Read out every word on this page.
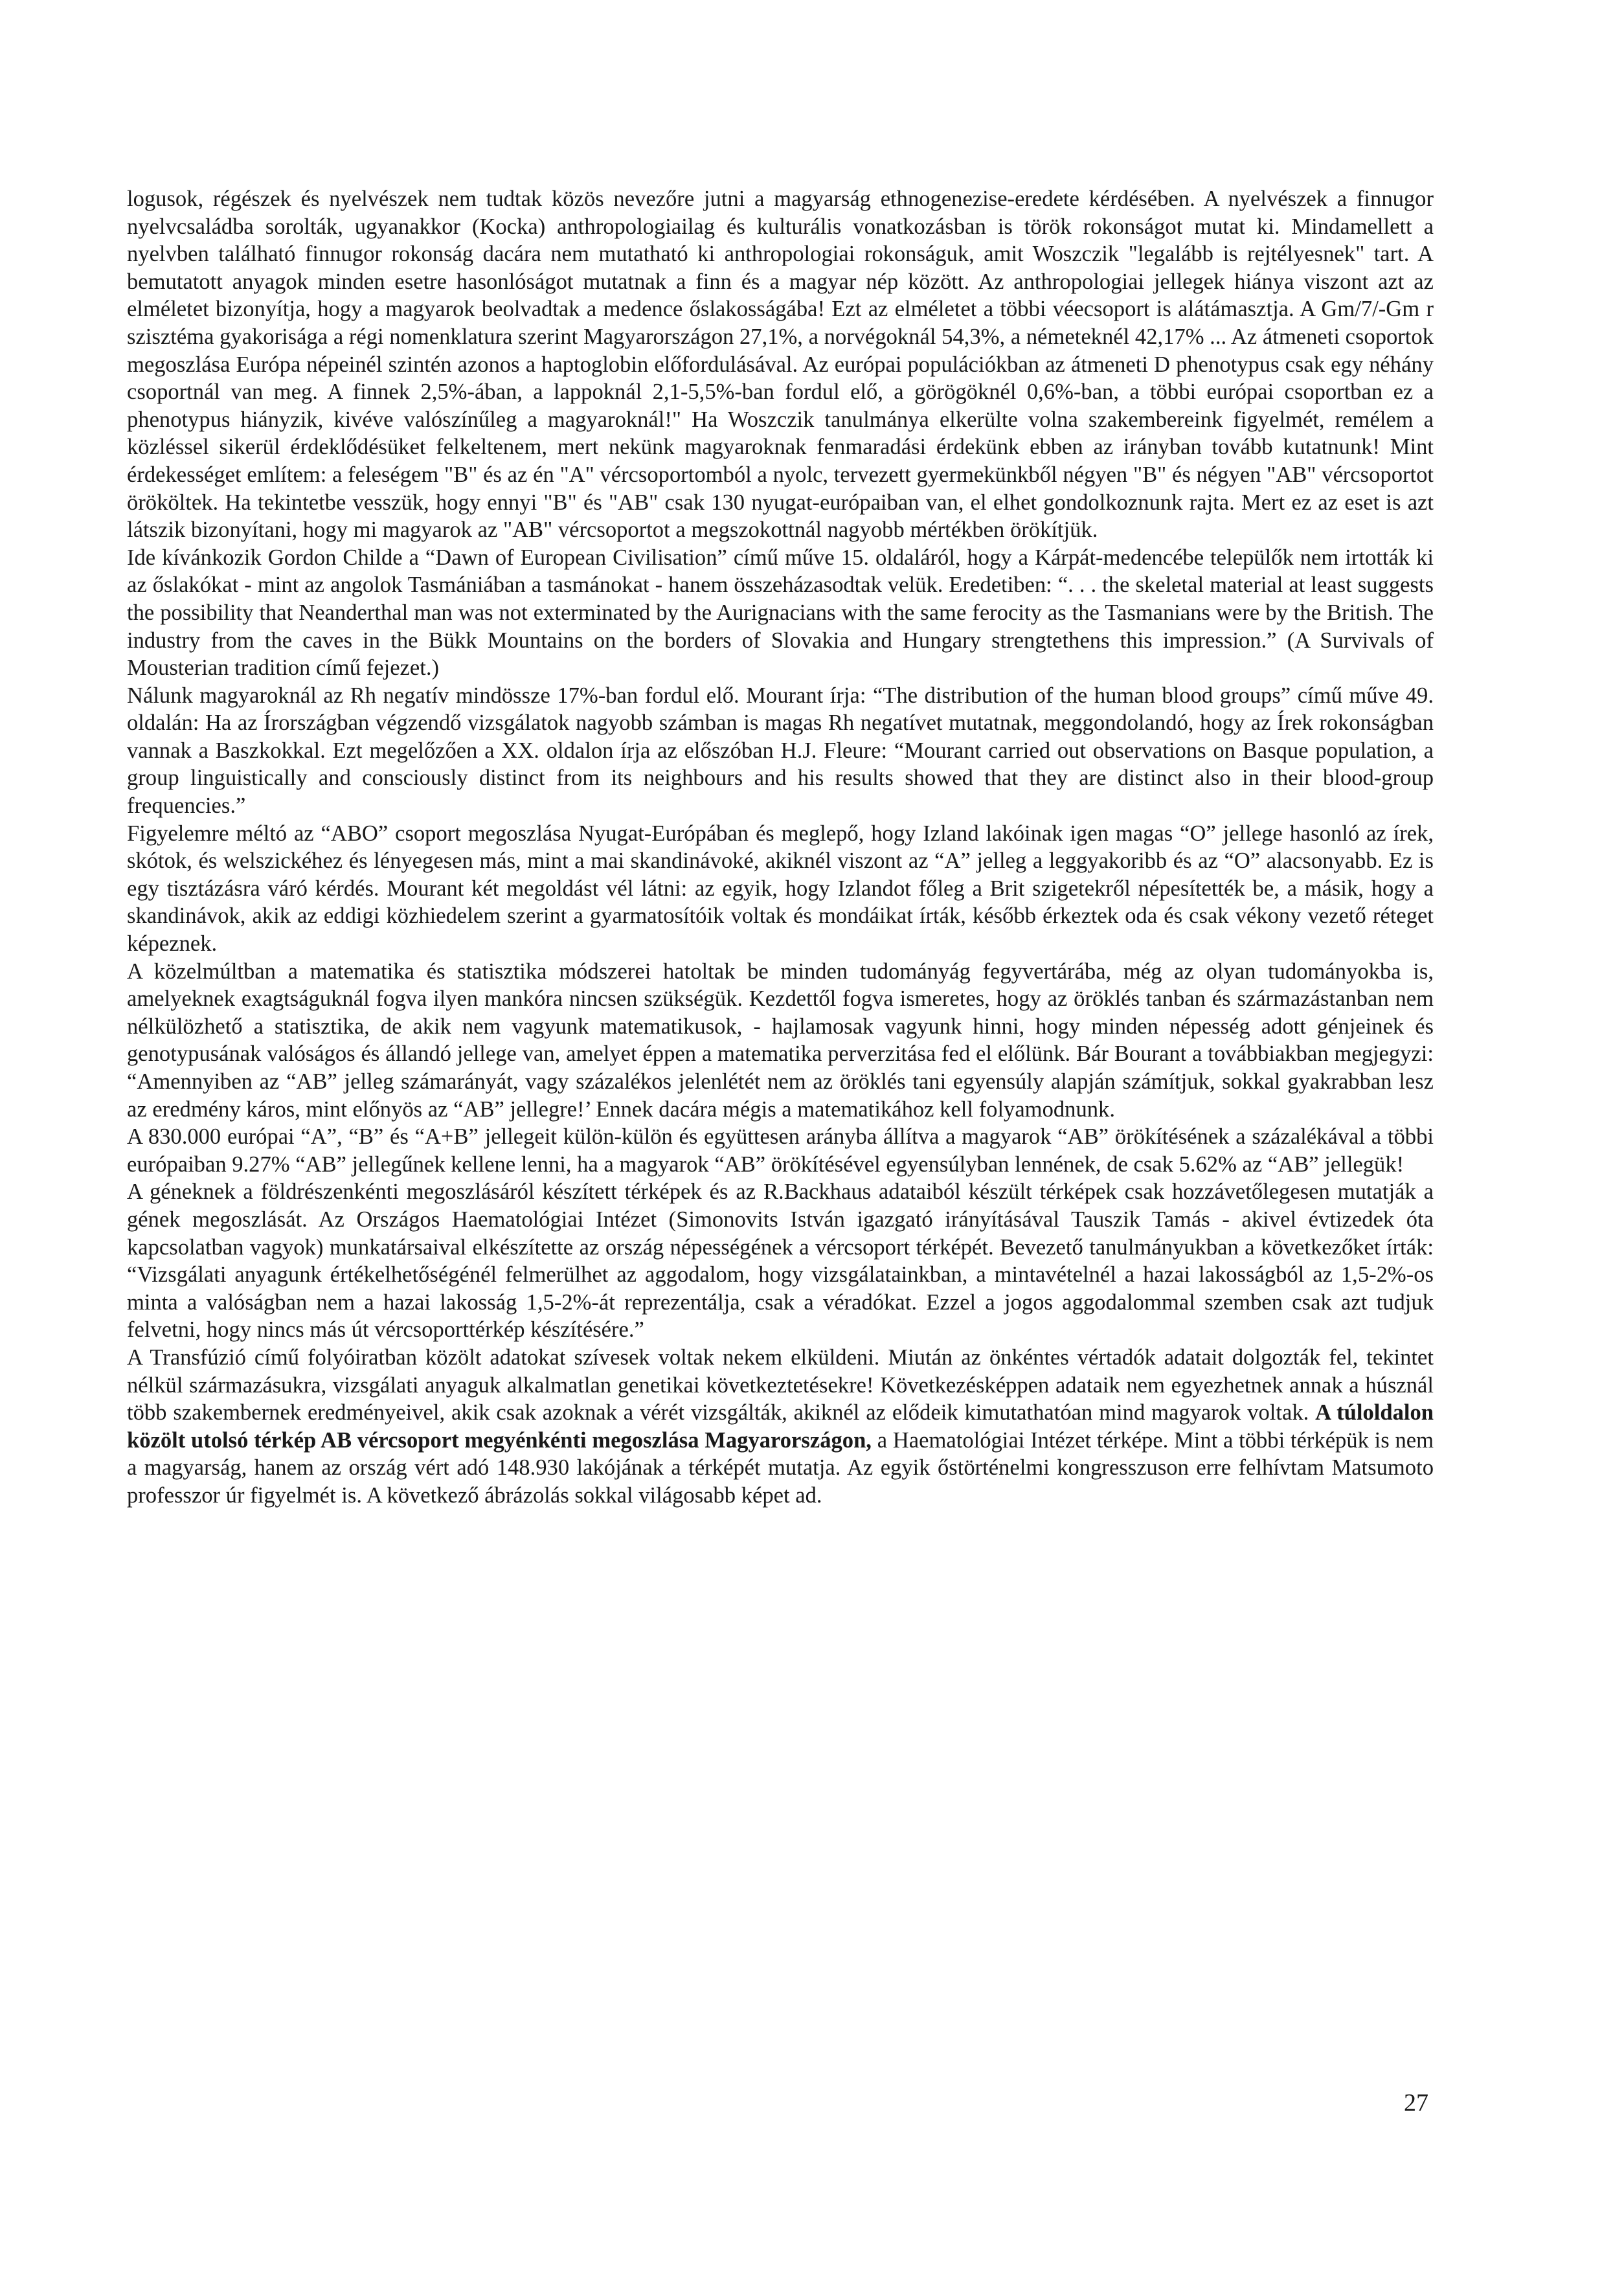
logusok, régészek és nyelvészek nem tudtak közös nevezőre jutni a magyarság ethnogenezise-eredete kérdésében. A nyelvészek a finnugor nyelvcsaládba sorolták, ugyanakkor (Kocka) anthropologiailag és kulturális vonatkozásban is török rokonságot mutat ki. Mindamellett a nyelvben található finnugor rokonság dacára nem mutatható ki anthropologiai rokonságuk, amit Woszczik "legalább is rejtélyesnek" tart. A bemutatott anyagok minden esetre hasonlóságot mutatnak a finn és a magyar nép között. Az anthropologiai jellegek hiánya viszont azt az elméletet bizonyítja, hogy a magyarok beolvadtak a medence őslakosságába! Ezt az elméletet a többi véecsoport is alátámasztja. A Gm/7/-Gm r szisztéma gyakorisága a régi nomenklatura szerint Magyarországon 27,1%, a norvégoknál 54,3%, a németeknél 42,17% ... Az átmeneti csoportok megoszlása Európa népeinél szintén azonos a haptoglobin előfordulásával. Az európai populációkban az átmeneti D phenotypus csak egy néhány csoportnál van meg. A finnek 2,5%-ában, a lappoknál 2,1-5,5%-ban fordul elő, a görögöknél 0,6%-ban, a többi európai csoportban ez a phenotypus hiányzik, kivéve valószínűleg a magyaroknál!" Ha Woszczik tanulmánya elkerülte volna szakembereink figyelmét, remélem a közléssel sikerül érdeklődésüket felkeltenem, mert nekünk magyaroknak fenmaradási érdekünk ebben az irányban tovább kutatnunk! Mint érdekességet említem: a feleségem "B" és az én "A" vércsoportomból a nyolc, tervezett gyermekünkből négyen "B" és négyen "AB" vércsoportot örököltek. Ha tekintetbe vesszük, hogy ennyi "B" és "AB" csak 130 nyugat-európaiban van, el elhet gondolkoznunk rajta. Mert ez az eset is azt látszik bizonyítani, hogy mi magyarok az "AB" vércsoportot a megszokottnál nagyobb mértékben örökítjük.

Ide kívánkozik Gordon Childe a “Dawn of European Civilisation” című műve 15. oldaláról, hogy a Kárpát-medencébe települők nem irtották ki az őslakókat - mint az angolok Tasmániában a tasmánokat - hanem összeházasodtak velük. Eredetiben: “. . . the skeletal material at least suggests the possibility that Neanderthal man was not exterminated by the Aurignacians with the same ferocity as the Tasmanians were by the British. The industry from the caves in the Bükk Mountains on the borders of Slovakia and Hungary strengtethens this impression.” (A Survivals of Mousterian tradition című fejezet.)

Nálunk magyaroknál az Rh negatív mindössze 17%-ban fordul elő. Mourant írja: “The distribution of the human blood groups” című műve 49. oldalán: Ha az Írországban végzendő vizsgálatok nagyobb számban is magas Rh negatívet mutatnak, meggondolandó, hogy az Írek rokonságban vannak a Baszkokkal. Ezt megelőzően a XX. oldalon írja az előszóban H.J. Fleure: “Mourant carried out observations on Basque population, a group linguistically and consciously distinct from its neighbours and his results showed that they are distinct also in their blood-group frequencies.”

Figyelemre méltó az “ABO” csoport megoszlása Nyugat-Európában és meglepő, hogy Izland lakóinak igen magas “O” jellege hasonló az írek, skótok, és welszickéhez és lényegesen más, mint a mai skandinávoké, akiknél viszont az “A” jelleg a leggyakoribb és az “O” alacsonyabb. Ez is egy tisztázásra váró kérdés. Mourant két megoldást vél látni: az egyik, hogy Izlandot főleg a Brit szigetekről népesítették be, a másik, hogy a skandinávok, akik az eddigi közhiedelem szerint a gyarmatosítóik voltak és mondáikat írták, később érkeztek oda és csak vékony vezető réteget képeznek.

A közelmúltban a matematika és statisztika módszerei hatoltak be minden tudományág fegyvertárába, még az olyan tudományokba is, amelyeknek exagtságuknál fogva ilyen mankóra nincsen szükségük. Kezdettől fogva ismeretes, hogy az öröklés tanban és származástanban nem nélkülözhető a statisztika, de akik nem vagyunk matematikusok, - hajlamosak vagyunk hinni, hogy minden népesség adott génjeinek és genotypusának valóságos és állandó jellege van, amelyet éppen a matematika perverzitása fed el előlünk. Bár Bourant a továbbiakban megjegyzi: “Amennyiben az “AB” jelleg számarányát, vagy százalékos jelenlétét nem az öröklés tani egyensúly alapján számítjuk, sokkal gyakrabban lesz az eredmény káros, mint előnyös az “AB” jellegre!’ Ennek dacára mégis a matematikához kell folyamodnunk.

A 830.000 európai “A”, “B” és “A+B” jellegeit külön-külön és együttesen arányba állítva a magyarok “AB” örökítésének a százalékával a többi európaiban 9.27% “AB” jellegűnek kellene lenni, ha a magyarok “AB” örökítésével egyensúlyban lennének, de csak 5.62% az “AB” jellegük!

A géneknek a földrészenkénti megoszlásáról készített térképek és az R.Backhaus adataiból készült térképek csak hozzávetőlegesen mutatják a gének megoszlását. Az Országos Haematológiai Intézet (Simonovits István igazgató irányításával Tauszik Tamás - akivel évtizedek óta kapcsolatban vagyok) munkatársaival elkészítette az ország népességének a vércsoport térképét. Bevezető tanulmányukban a következőket írták: “Vizsgálati anyagunk értékelhetőségénél felmerülhet az aggodalom, hogy vizsgálatainkban, a mintavételnél a hazai lakosságból az 1,5-2%-os minta a valóságban nem a hazai lakosság 1,5-2%-át reprezentálja, csak a véradókat. Ezzel a jogos aggodalommal szemben csak azt tudjuk felvetni, hogy nincs más út vércsoporttérkép készítésére.”

A Transfúzió című folyóiratban közölt adatokat szívesek voltak nekem elküldeni. Miután az önkéntes vértadók adatait dolgozták fel, tekintet nélkül származásukra, vizsgálati anyaguk alkalmatlan genetikai következtetésekre! Következésképpen adataik nem egyezhetnek annak a húsznál több szakembernek eredményeivel, akik csak azoknak a vérét vizsgálták, akiknél az elődeik kimutathatóan mind magyarok voltak. A túloldalon közölt utolsó térkép AB vércsoport megyénkénti megoszlása Magyarországon, a Haematológiai Intézet térképe. Mint a többi térképük is nem a magyarság, hanem az ország vért adó 148.930 lakójának a térképét mutatja. Az egyik őstörténelmi kongresszuson erre felhívtam Matsumoto professzor úr figyelmét is. A következő ábrázolás sokkal világosabb képet ad.

27
